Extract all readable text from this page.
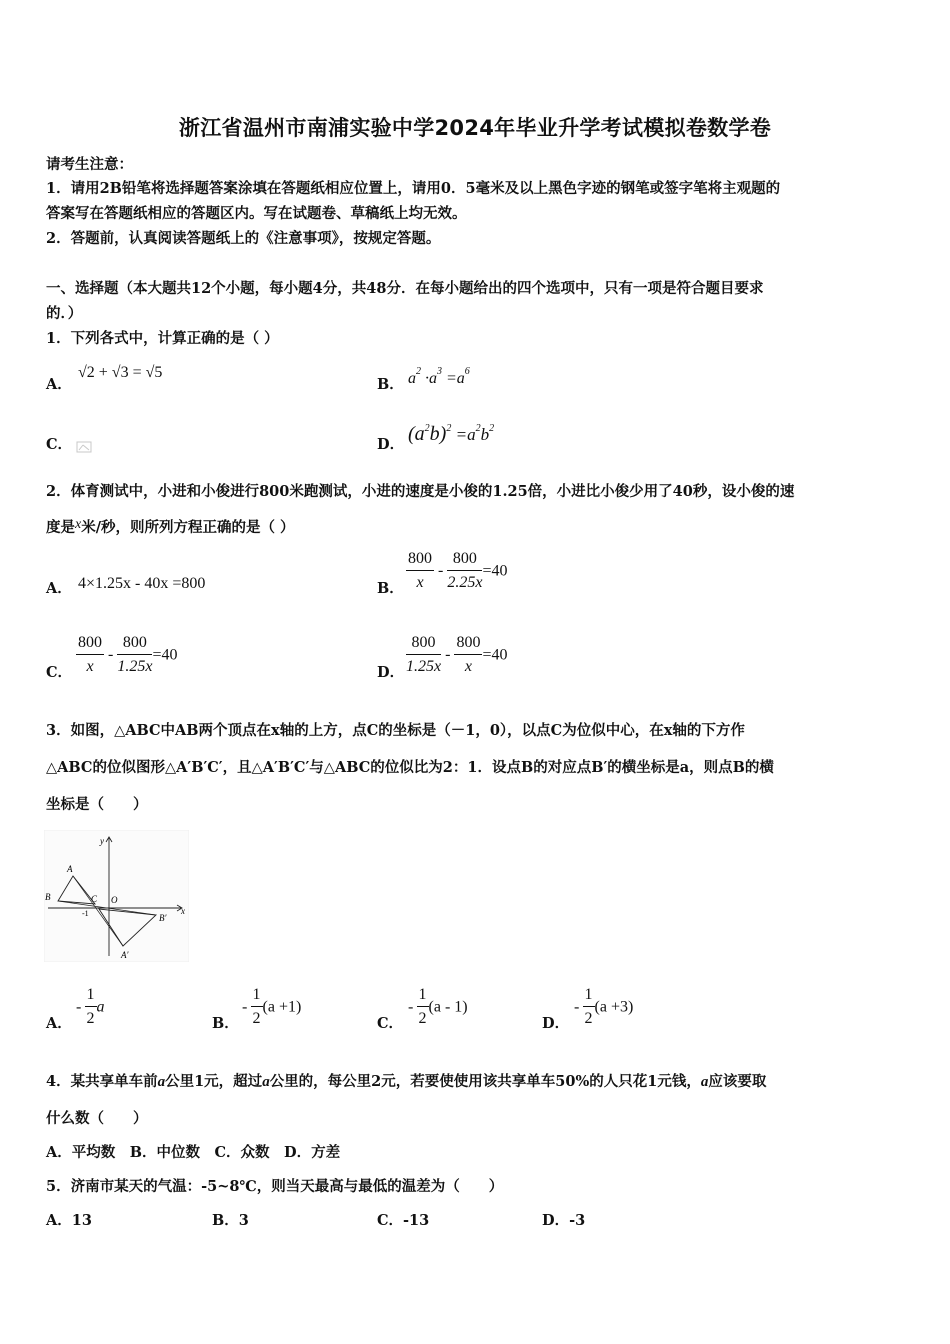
浙江省温州市南浦实验中学2024年毕业升学考试模拟卷数学卷
请考生注意：
1．请用2B铅笔将选择题答案涂填在答题纸相应位置上，请用0．5毫米及以上黑色字迹的钢笔或签字笔将主观题的
答案写在答题纸相应的答题区内。写在试题卷、草稿纸上均无效。
2．答题前，认真阅读答题纸上的《注意事项》，按规定答题。
一、选择题（本大题共12个小题，每小题4分，共48分．在每小题给出的四个选项中，只有一项是符合题目要求
的．）
1．下列各式中，计算正确的是（ ）
A．
√2 + √3 = √5
B． $a^2 \cdot a^3 =a^6$
C．	D． $(a^2b)^2 =a^2b^2$
2．体育测试中，小进和小俊进行800米跑测试，小进的速度是小俊的1.25倍，小进比小俊少用了40秒，设小俊的速
度是x米/秒，则所列方程正确的是（ ）
A． 4×1.25x - 40x =800	B． $\frac{800}{x} - \frac{800}{2.25x} =40$
C． $\frac{800}{x} - \frac{800}{1.25x} =40$
D． $\frac{800}{1.25x} - \frac{800}{x} =40$
3．如图，△ABC中AB两个顶点在x轴的上方，点C的坐标是（－1，0），以点C为位似中心，在x轴的下方作
△ABC的位似图形△A′B′C′，且△A′B′C′与△ABC的位似比为2：1．设点B的对应点B′的横坐标是a，则点B的横
坐标是（　　）
y
x
A
B	C O
-1	B′
A′
A．
-  $\frac{1}{2}$ a
B．
-  $\frac{1}{2} (a +1)$
C．
-  $\frac{1}{2} (a - 1)$
D．
-  $\frac{1}{2} (a +3)$
4．某共享单车前a公里1元，超过a公里的，每公里2元，若要使使用该共享单车50%的人只花1元钱，a应该要取
什么数（　　）
A．平均数　B．中位数　C．众数　D．方差
5．济南市某天的气温：-5~8℃，则当天最高与最低的温差为（　　）
A．13	B．3	C．-13	D．-3
